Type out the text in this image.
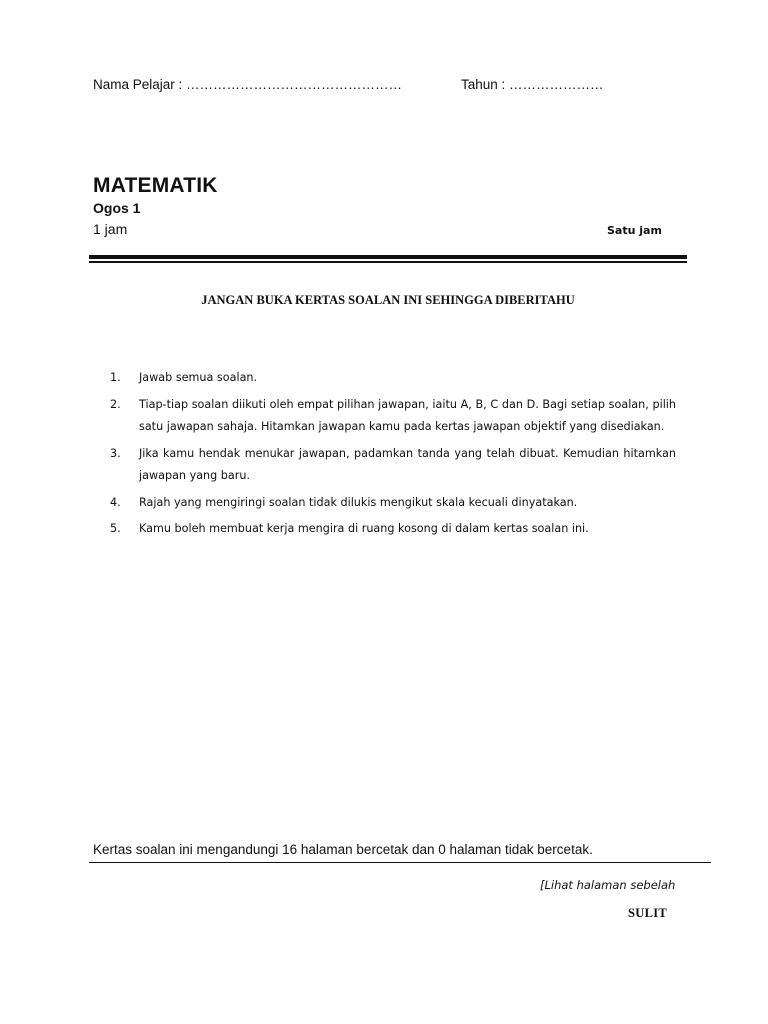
Nama Pelajar : …………………………………………	Tahun : …………………
MATEMATIK
Ogos 1
1 jam	Satu jam
JANGAN BUKA KERTAS SOALAN INI SEHINGGA DIBERITAHU
1.	Jawab semua soalan.
2.	Tiap-tiap soalan diikuti oleh empat pilihan jawapan, iaitu A, B, C dan D. Bagi setiap soalan, pilih satu jawapan sahaja. Hitamkan jawapan kamu pada kertas jawapan objektif yang disediakan.
3.	Jika kamu hendak menukar jawapan, padamkan tanda yang telah dibuat. Kemudian hitamkan jawapan yang baru.
4.	Rajah yang mengiringi soalan tidak dilukis mengikut skala kecuali dinyatakan.
5.	Kamu boleh membuat kerja mengira di ruang kosong di dalam kertas soalan ini.
Kertas soalan ini mengandungi 16 halaman bercetak dan 0 halaman tidak bercetak.
[Lihat halaman sebelah
SULIT
